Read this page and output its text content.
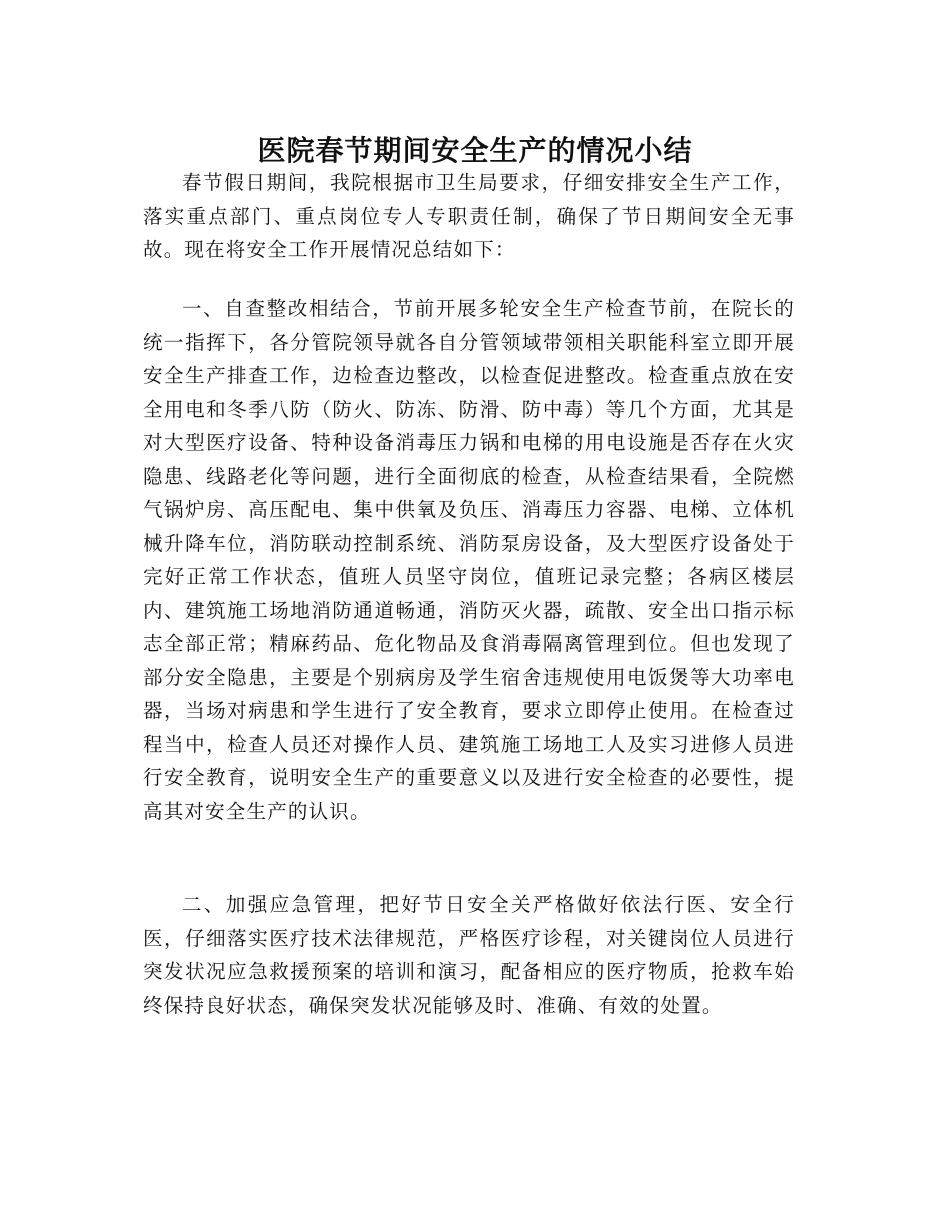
医院春节期间安全生产的情况小结

春节假日期间，我院根据市卫生局要求，仔细安排安全生产工作，落实重点部门、重点岗位专人专职责任制，确保了节日期间安全无事故。现在将安全工作开展情况总结如下：

一、自查整改相结合，节前开展多轮安全生产检查节前，在院长的统一指挥下，各分管院领导就各自分管领域带领相关职能科室立即开展安全生产排查工作，边检查边整改，以检查促进整改。检查重点放在安全用电和冬季八防（防火、防冻、防滑、防中毒）等几个方面，尤其是对大型医疗设备、特种设备消毒压力锅和电梯的用电设施是否存在火灾隐患、线路老化等问题，进行全面彻底的检查，从检查结果看，全院燃气锅炉房、高压配电、集中供氧及负压、消毒压力容器、电梯、立体机械升降车位，消防联动控制系统、消防泵房设备，及大型医疗设备处于完好正常工作状态，值班人员坚守岗位，值班记录完整；各病区楼层内、建筑施工场地消防通道畅通，消防灭火器，疏散、安全出口指示标志全部正常；精麻药品、危化物品及食消毒隔离管理到位。但也发现了部分安全隐患，主要是个别病房及学生宿舍违规使用电饭煲等大功率电器，当场对病患和学生进行了安全教育，要求立即停止使用。在检查过程当中，检查人员还对操作人员、建筑施工场地工人及实习进修人员进行安全教育，说明安全生产的重要意义以及进行安全检查的必要性，提高其对安全生产的认识。

二、加强应急管理，把好节日安全关严格做好依法行医、安全行医，仔细落实医疗技术法律规范，严格医疗诊程，对关键岗位人员进行突发状况应急救援预案的培训和演习，配备相应的医疗物质，抢救车始终保持良好状态，确保突发状况能够及时、准确、有效的处置。
